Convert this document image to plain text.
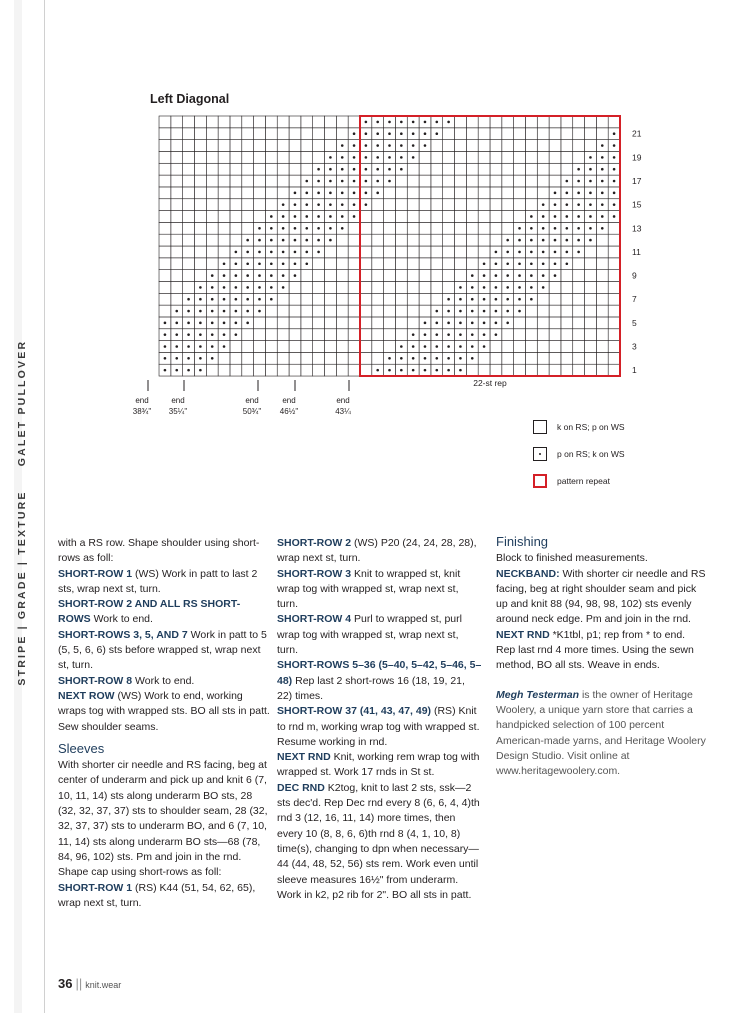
GALET PULLOVER
STRIPE | GRADE | TEXTURE
Left Diagonal
21
19
17
15
13
11
9
7
5
3
1
22-st rep
end
38¾"
end
35¼"
end
50¾"
end
46½"
end
43¼
k on RS; p on WS
p on RS; k on WS
pattern repeat

with a RS row. Shape shoulder using short-rows as foll:

SHORT-ROW 1 (WS) Work in patt to last 2 sts, wrap next st, turn.

SHORT-ROW 2 AND ALL RS SHORT-ROWS Work to end.

SHORT-ROWS 3, 5, AND 7 Work in patt to 5 (5, 5, 6, 6) sts before wrapped st, wrap next st, turn.

SHORT-ROW 8 Work to end.

NEXT ROW (WS) Work to end, working wraps tog with wrapped sts. BO all sts in patt. Sew shoulder seams.

Sleeves

With shorter cir needle and RS facing, beg at center of underarm and pick up and knit 6 (7, 10, 11, 14) sts along underarm BO sts, 28 (32, 32, 37, 37) sts to shoulder seam, 28 (32, 32, 37, 37) sts to underarm BO, and 6 (7, 10, 11, 14) sts along underarm BO sts—68 (78, 84, 96, 102) sts. Pm and join in the rnd. Shape cap using short-rows as foll:

SHORT-ROW 1 (RS) K44 (51, 54, 62, 65), wrap next st, turn.

SHORT-ROW 2 (WS) P20 (24, 24, 28, 28), wrap next st, turn.

SHORT-ROW 3 Knit to wrapped st, knit wrap tog with wrapped st, wrap next st, turn.

SHORT-ROW 4 Purl to wrapped st, purl wrap tog with wrapped st, wrap next st, turn.

SHORT-ROWS 5–36 (5–40, 5–42, 5–46, 5–48) Rep last 2 short-rows 16 (18, 19, 21, 22) times.

SHORT-ROW 37 (41, 43, 47, 49) (RS) Knit to rnd m, working wrap tog with wrapped st. Resume working in rnd.

NEXT RND Knit, working rem wrap tog with wrapped st. Work 17 rnds in St st.

DEC RND K2tog, knit to last 2 sts, ssk—2 sts dec'd. Rep Dec rnd every 8 (6, 6, 4, 4)th rnd 3 (12, 16, 11, 14) more times, then every 10 (8, 8, 6, 6)th rnd 8 (4, 1, 10, 8) time(s), changing to dpn when necessary—44 (44, 48, 52, 56) sts rem. Work even until sleeve measures 16½" from underarm. Work in k2, p2 rib for 2". BO all sts in patt.

Finishing

Block to finished measurements. NECKBAND: With shorter cir needle and RS facing, beg at right shoulder seam and pick up and knit 88 (94, 98, 98, 102) sts evenly around neck edge. Pm and join in the rnd. NEXT RND *K1tbl, p1; rep from * to end. Rep last rnd 4 more times. Using the sewn method, BO all sts. Weave in ends.

Megh Testerman is the owner of Heritage Woolery, a unique yarn store that carries a handpicked selection of 100 percent American-made yarns, and Heritage Woolery Design Studio. Visit online at www.heritagewoolery.com.

36 || knit.wear
